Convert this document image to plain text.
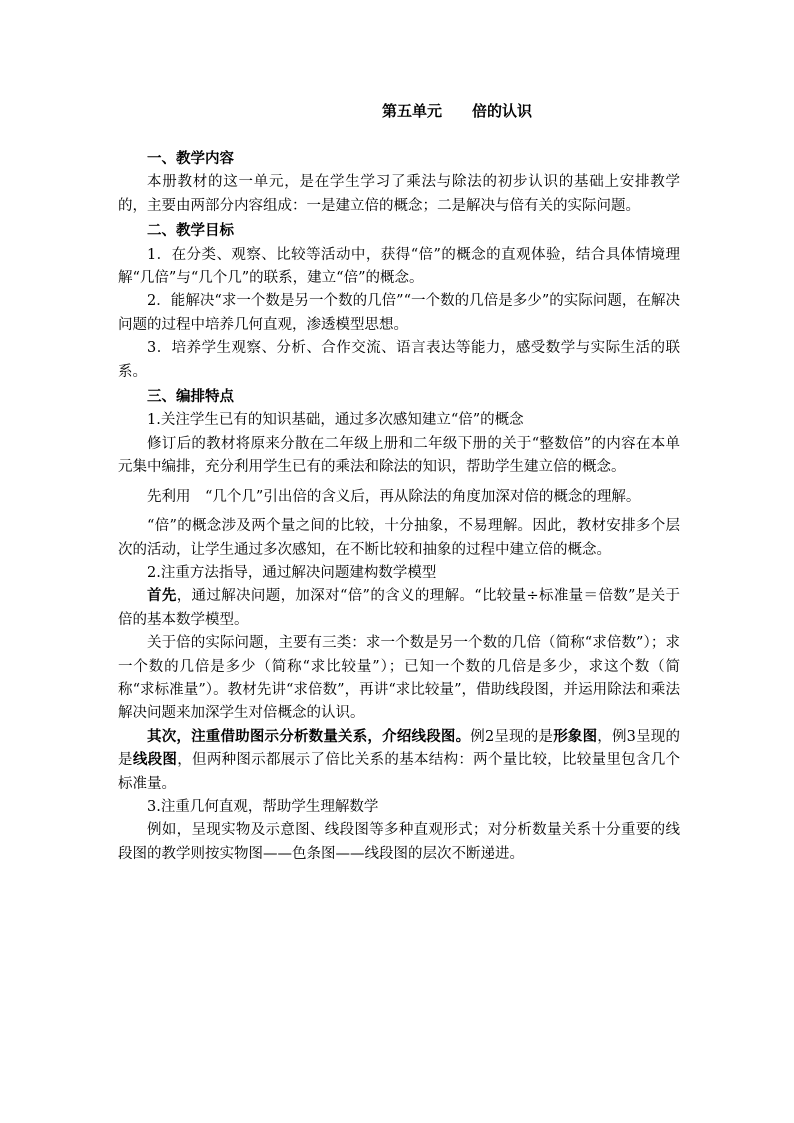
第五单元　　倍的认识

一、教学内容

本册教材的这一单元，是在学生学习了乘法与除法的初步认识的基础上安排教学的，主要由两部分内容组成：一是建立倍的概念；二是解决与倍有关的实际问题。

二、教学目标

1．在分类、观察、比较等活动中，获得“倍”的概念的直观体验，结合具体情境理解“几倍”与“几个几”的联系，建立“倍”的概念。

2．能解决“求一个数是另一个数的几倍”“一个数的几倍是多少”的实际问题，在解决问题的过程中培养几何直观，渗透模型思想。

3．培养学生观察、分析、合作交流、语言表达等能力，感受数学与实际生活的联系。

三、编排特点

1.关注学生已有的知识基础，通过多次感知建立“倍”的概念

修订后的教材将原来分散在二年级上册和二年级下册的关于“整数倍”的内容在本单元集中编排，充分利用学生已有的乘法和除法的知识，帮助学生建立倍的概念。

先利用　“几个几”引出倍的含义后，再从除法的角度加深对倍的概念的理解。

“倍”的概念涉及两个量之间的比较，十分抽象，不易理解。因此，教材安排多个层次的活动，让学生通过多次感知，在不断比较和抽象的过程中建立倍的概念。

2.注重方法指导，通过解决问题建构数学模型

首先，通过解决问题，加深对“倍”的含义的理解。“比较量÷标准量＝倍数”是关于倍的基本数学模型。

关于倍的实际问题，主要有三类：求一个数是另一个数的几倍（简称“求倍数”）；求一个数的几倍是多少（简称“求比较量”）；已知一个数的几倍是多少，求这个数（简称“求标准量”）。教材先讲“求倍数”，再讲“求比较量”，借助线段图，并运用除法和乘法解决问题来加深学生对倍概念的认识。

其次，注重借助图示分析数量关系，介绍线段图。例2呈现的是形象图，例3呈现的是线段图，但两种图示都展示了倍比关系的基本结构：两个量比较，比较量里包含几个标准量。

3.注重几何直观，帮助学生理解数学

例如，呈现实物及示意图、线段图等多种直观形式；对分析数量关系十分重要的线段图的教学则按实物图——色条图——线段图的层次不断递进。
